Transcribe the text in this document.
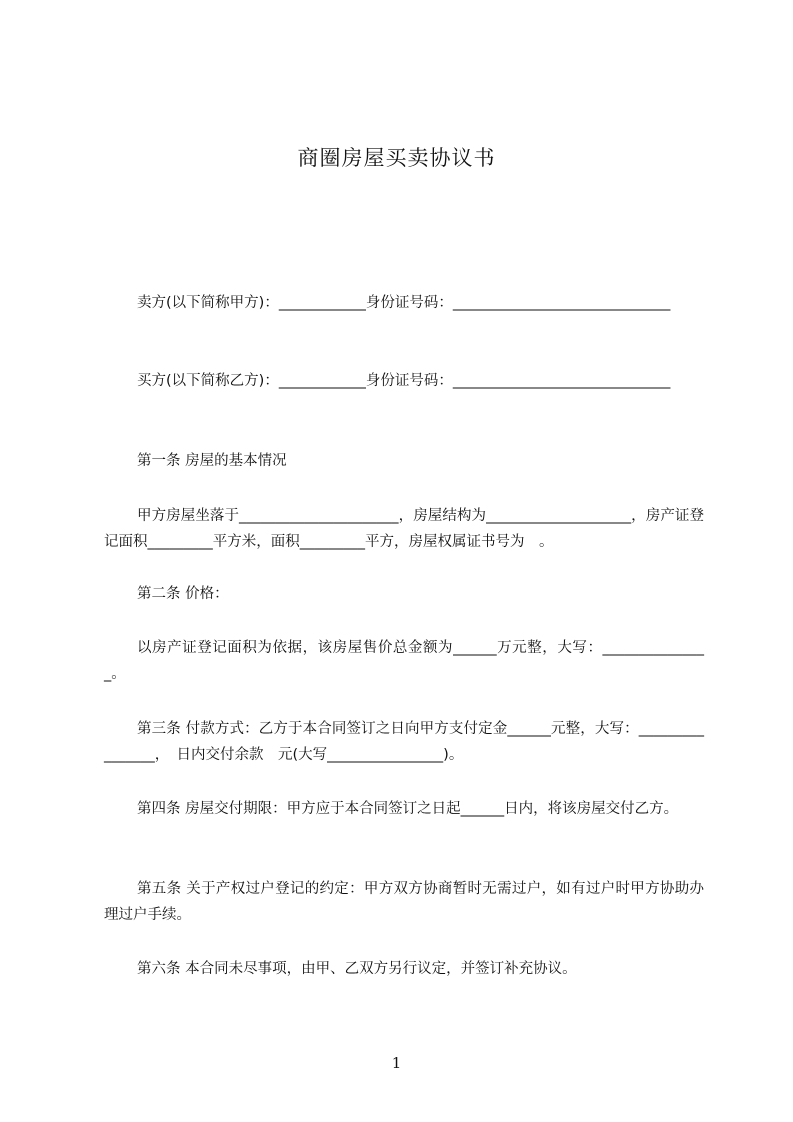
商圈房屋买卖协议书
卖方(以下简称甲方)：____________身份证号码：______________________________
买方(以下简称乙方)：____________身份证号码：______________________________
第一条 房屋的基本情况
甲方房屋坐落于______________________，房屋结构为____________________，房产证登记面积_________平方米，面积_________平方，房屋权属证书号为　。
第二条 价格：
以房产证登记面积为依据，该房屋售价总金额为______万元整，大写：_______________。
第三条 付款方式：乙方于本合同签订之日向甲方支付定金______元整，大写：________________，　日内交付余款　元(大写________________)。
第四条 房屋交付期限：甲方应于本合同签订之日起______日内，将该房屋交付乙方。
第五条 关于产权过户登记的约定：甲方双方协商暂时无需过户，如有过户时甲方协助办理过户手续。
第六条 本合同未尽事项，由甲、乙双方另行议定，并签订补充协议。
1
